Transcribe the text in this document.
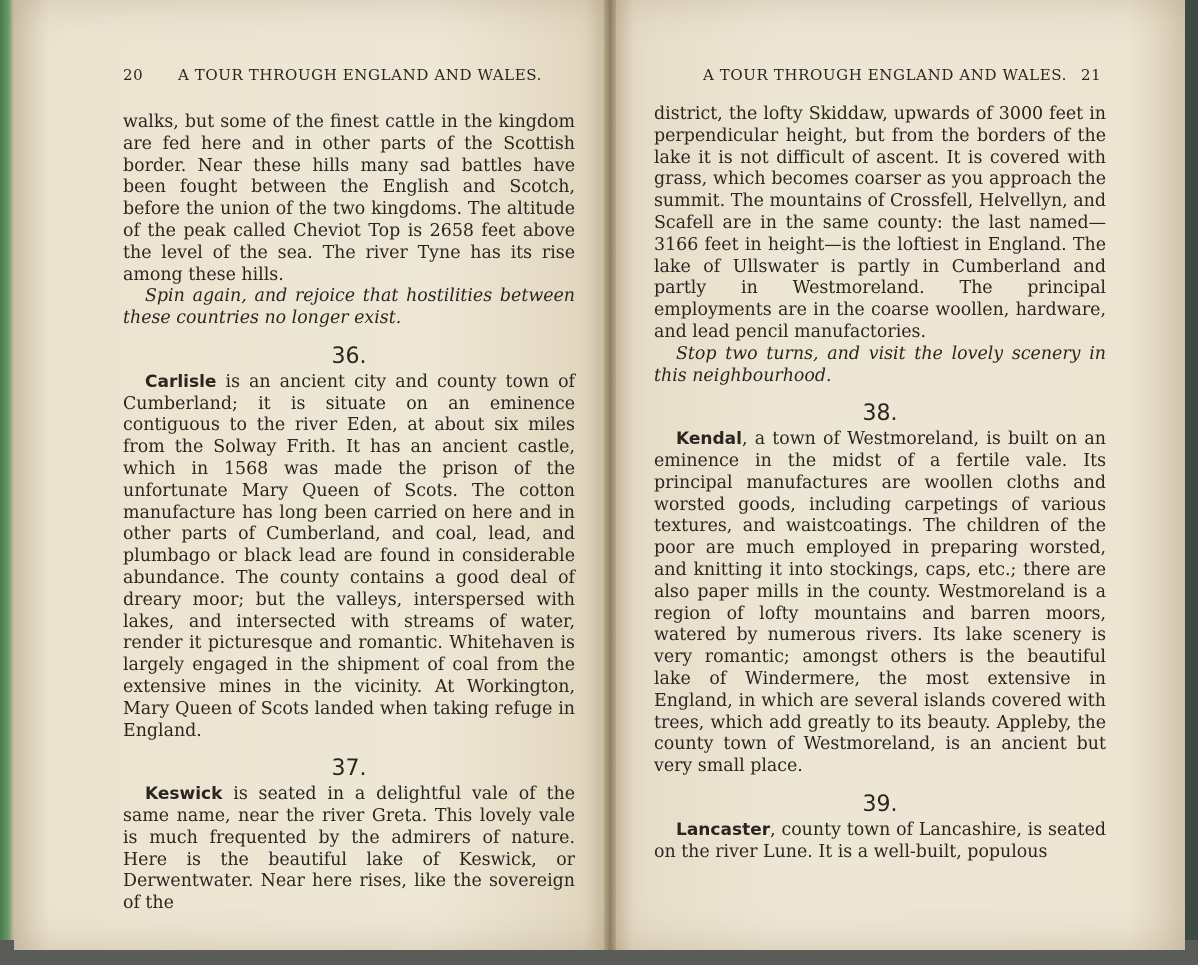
20 A TOUR THROUGH ENGLAND AND WALES.	A TOUR THROUGH ENGLAND AND WALES. 21

walks, but some of the finest cattle in the kingdom are fed here and in other parts of the Scottish border. Near these hills many sad battles have been fought between the English and Scotch, before the union of the two kingdoms. The altitude of the peak called Cheviot Top is 2658 feet above the level of the sea. The river Tyne has its rise among these hills.

Spin again, and rejoice that hostilities between these countries no longer exist.

36.

Carlisle is an ancient city and county town of Cumberland; it is situate on an eminence contiguous to the river Eden, at about six miles from the Solway Frith. It has an ancient castle, which in 1568 was made the prison of the unfortunate Mary Queen of Scots. The cotton manufacture has long been carried on here and in other parts of Cumberland, and coal, lead, and plumbago or black lead are found in considerable abundance. The county contains a good deal of dreary moor; but the valleys, interspersed with lakes, and intersected with streams of water, render it picturesque and romantic. Whitehaven is largely engaged in the shipment of coal from the extensive mines in the vicinity. At Workington, Mary Queen of Scots landed when taking refuge in England.

37.

Keswick is seated in a delightful vale of the same name, near the river Greta. This lovely vale is much frequented by the admirers of nature. Here is the beautiful lake of Keswick, or Derwentwater. Near here rises, like the sovereign of the

district, the lofty Skiddaw, upwards of 3000 feet in perpendicular height, but from the borders of the lake it is not difficult of ascent. It is covered with grass, which becomes coarser as you approach the summit. The mountains of Crossfell, Helvellyn, and Scafell are in the same county: the last named—3166 feet in height—is the loftiest in England. The lake of Ullswater is partly in Cumberland and partly in Westmoreland. The principal employments are in the coarse woollen, hardware, and lead pencil manufactories.

Stop two turns, and visit the lovely scenery in this neighbourhood.

38.

Kendal, a town of Westmoreland, is built on an eminence in the midst of a fertile vale. Its principal manufactures are woollen cloths and worsted goods, including carpetings of various textures, and waistcoatings. The children of the poor are much employed in preparing worsted, and knitting it into stockings, caps, etc.; there are also paper mills in the county. Westmoreland is a region of lofty mountains and barren moors, watered by numerous rivers. Its lake scenery is very romantic; amongst others is the beautiful lake of Windermere, the most extensive in England, in which are several islands covered with trees, which add greatly to its beauty. Appleby, the county town of Westmoreland, is an ancient but very small place.

39.

Lancaster, county town of Lancashire, is seated on the river Lune. It is a well-built, populous
